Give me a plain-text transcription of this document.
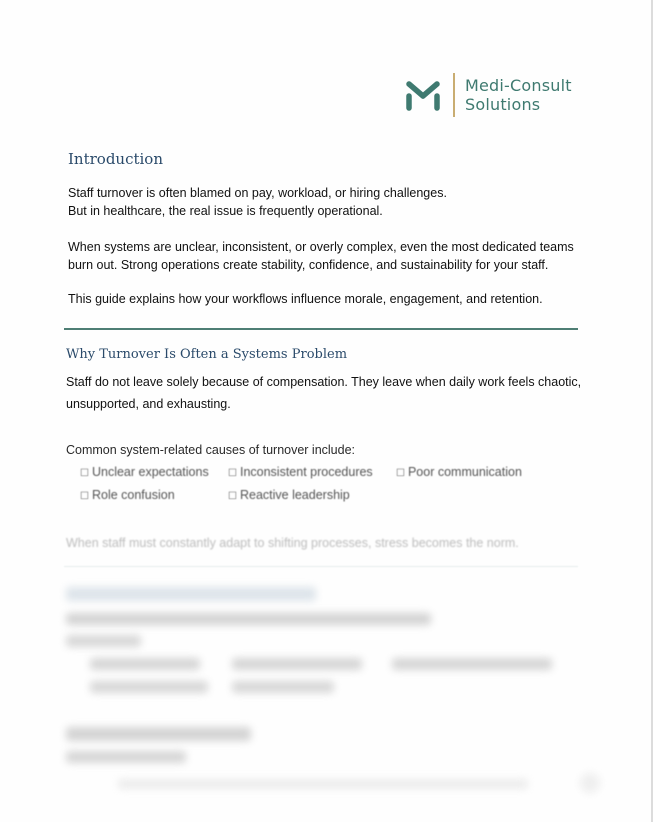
Medi-Consult
Solutions
Introduction
Staff turnover is often blamed on pay, workload, or hiring challenges.
But in healthcare, the real issue is frequently operational.
When systems are unclear, inconsistent, or overly complex, even the most dedicated teams
burn out. Strong operations create stability, confidence, and sustainability for your staff.
This guide explains how your workflows influence morale, engagement, and retention.
Why Turnover Is Often a Systems Problem
Staff do not leave solely because of compensation. They leave when daily work feels chaotic, unsupported, and exhausting.
Common system-related causes of turnover include:
☐ Unclear expectations ☐ Inconsistent procedures ☐ Poor communication
☐ Role confusion	☐ Reactive leadership
When staff must constantly adapt to shifting processes, stress becomes the norm.
